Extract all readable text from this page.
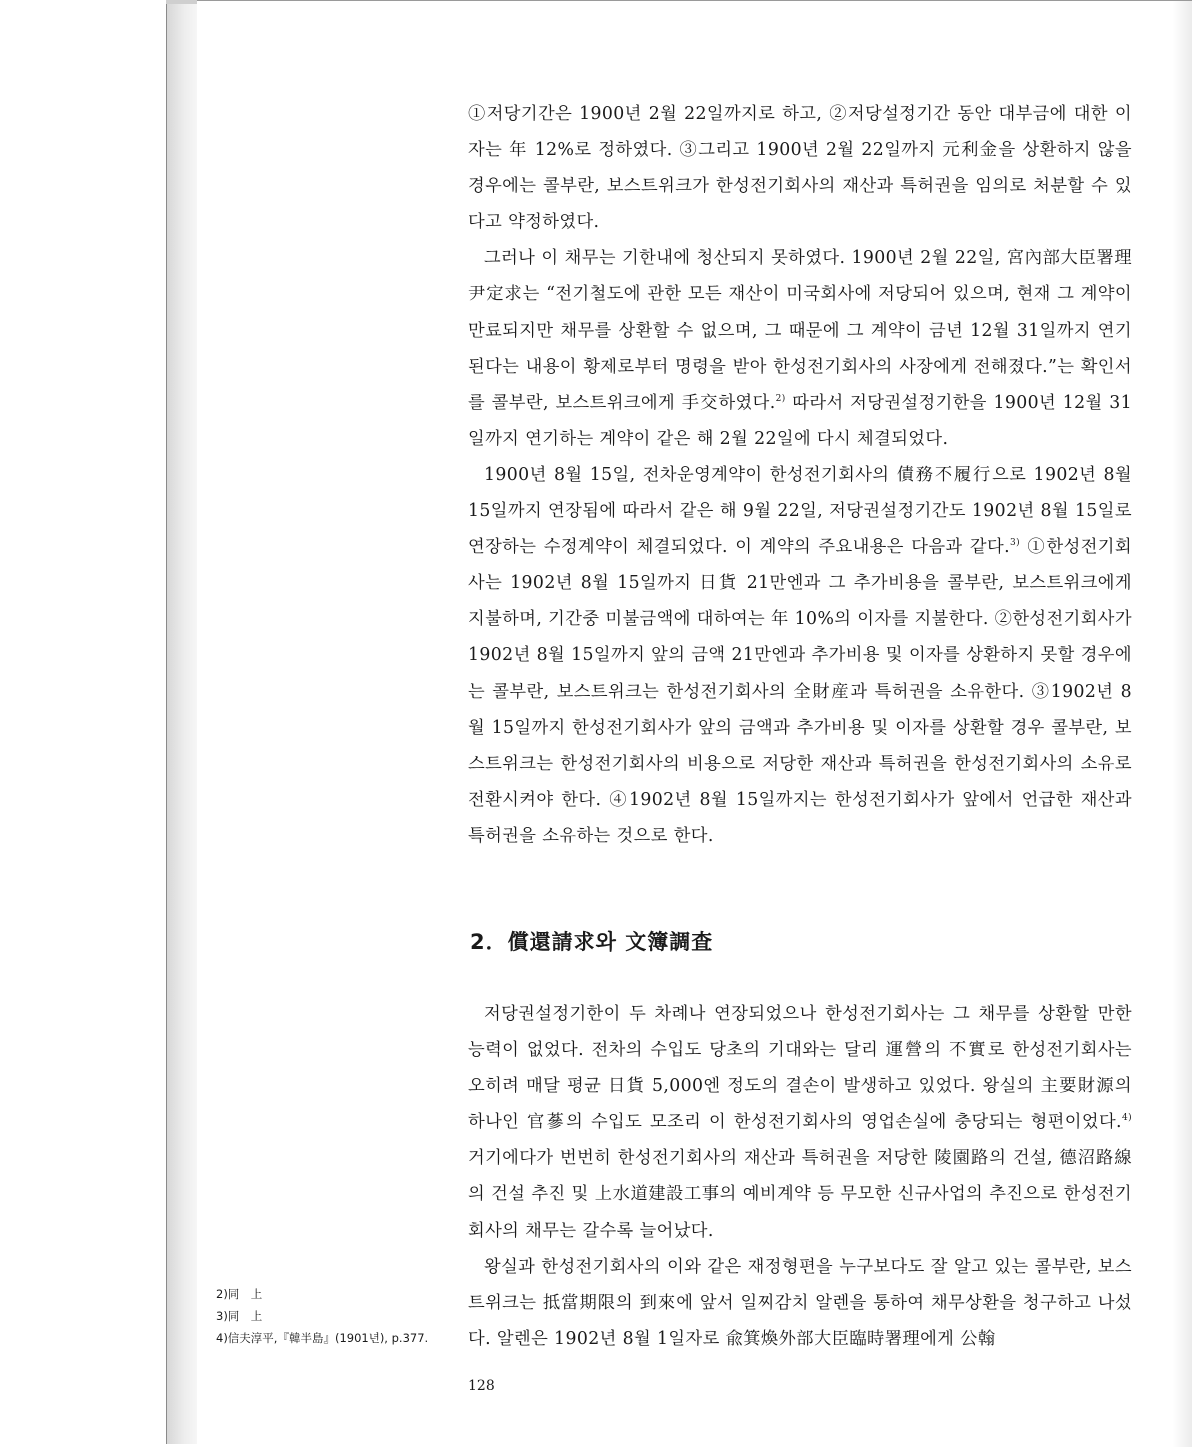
①저당기간은 1900년 2월 22일까지로 하고, ②저당설정기간 동안 대부금에 대한 이자는 年 12%로 정하였다. ③그리고 1900년 2월 22일까지 元利金을 상환하지 않을 경우에는 콜부란, 보스트위크가 한성전기회사의 재산과 특허권을 임의로 처분할 수 있다고 약정하였다.

그러나 이 채무는 기한내에 청산되지 못하였다. 1900년 2월 22일, 宮內部大臣署理 尹定求는 “전기철도에 관한 모든 재산이 미국회사에 저당되어 있으며, 현재 그 계약이 만료되지만 채무를 상환할 수 없으며, 그 때문에 그 계약이 금년 12월 31일까지 연기된다는 내용이 황제로부터 명령을 받아 한성전기회사의 사장에게 전해졌다.”는 확인서를 콜부란, 보스트위크에게 手交하였다.$^{2)}$ 따라서 저당권설정기한을 1900년 12월 31일까지 연기하는 계약이 같은 해 2월 22일에 다시 체결되었다.

1900년 8월 15일, 전차운영계약이 한성전기회사의 債務不履行으로 1902년 8월 15일까지 연장됨에 따라서 같은 해 9월 22일, 저당권설정기간도 1902년 8월 15일로 연장하는 수정계약이 체결되었다. 이 계약의 주요내용은 다음과 같다.$^{3)}$ ①한성전기회사는 1902년 8월 15일까지 日貨 21만엔과 그 추가비용을 콜부란, 보스트위크에게 지불하며, 기간중 미불금액에 대하여는 年 10%의 이자를 지불한다. ②한성전기회사가 1902년 8월 15일까지 앞의 금액 21만엔과 추가비용 및 이자를 상환하지 못할 경우에는 콜부란, 보스트위크는 한성전기회사의 全財産과 특허권을 소유한다. ③1902년 8월 15일까지 한성전기회사가 앞의 금액과 추가비용 및 이자를 상환할 경우 콜부란, 보스트위크는 한성전기회사의 비용으로 저당한 재산과 특허권을 한성전기회사의 소유로 전환시켜야 한다. ④1902년 8월 15일까지는 한성전기회사가 앞에서 언급한 재산과 특허권을 소유하는 것으로 한다.

2．償還請求와 文簿調査

저당권설정기한이 두 차례나 연장되었으나 한성전기회사는 그 채무를 상환할 만한 능력이 없었다. 전차의 수입도 당초의 기대와는 달리 運營의 不實로 한성전기회사는 오히려 매달 평균 日貨 5,000엔 정도의 결손이 발생하고 있었다. 왕실의 主要財源의 하나인 官蔘의 수입도 모조리 이 한성전기회사의 영업손실에 충당되는 형편이었다.$^{4)}$ 거기에다가 번번히 한성전기회사의 재산과 특허권을 저당한 陵園路의 건설, 德沼路線의 건설 추진 및 上水道建設工事의 예비계약 등 무모한 신규사업의 추진으로 한성전기회사의 채무는 갈수록 늘어났다.

왕실과 한성전기회사의 이와 같은 재정형편을 누구보다도 잘 알고 있는 콜부란, 보스트위크는 抵當期限의 到來에 앞서 일찌감치 알렌을 통하여 채무상환을 청구하고 나섰다. 알렌은 1902년 8월 1일자로 兪箕煥外部大臣臨時署理에게 公翰

2)同　上
3)同　上
4)信夫淳平,『韓半島』(1901년), p.377.
128
